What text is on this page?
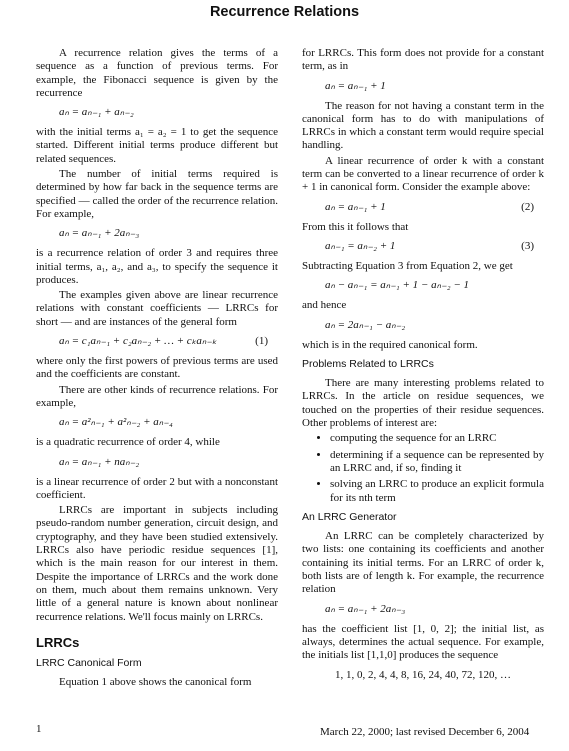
Recurrence Relations

A recurrence relation gives the terms of a sequence as a function of previous terms. For example, the Fibonacci sequence is given by the recurrence

aₙ = aₙ₋₁ + aₙ₋₂

with the initial terms a₁ = a₂ = 1 to get the sequence started. Different initial terms produce different but related sequences.

The number of initial terms required is determined by how far back in the sequence terms are specified — called the order of the recurrence relation. For example,

aₙ = aₙ₋₁ + 2aₙ₋₃

is a recurrence relation of order 3 and requires three initial terms, a₁, a₂, and a₃, to specify the sequence it produces.

The examples given above are linear recurrence relations with constant coefficients — LRRCs for short — and are instances of the general form

aₙ = c₁aₙ₋₁ + c₂aₙ₋₂ + … + cₖaₙ₋ₖ	(1)

where only the first powers of previous terms are used and the coefficients are constant.

There are other kinds of recurrence relations. For example,

aₙ = a²ₙ₋₁ + a²ₙ₋₂ + aₙ₋₄

is a quadratic recurrence of order 4, while

aₙ = aₙ₋₁ + naₙ₋₂

is a linear recurrence of order 2 but with a nonconstant coefficient.

LRRCs are important in subjects including pseudo-random number generation, circuit design, and cryptography, and they have been studied extensively. LRRCs also have periodic residue sequences [1], which is the main reason for our interest in them. Despite the importance of LRRCs and the work done on them, much about them remains unknown. Very little of a general nature is known about nonlinear recurrence relations. We'll focus mainly on LRRCs.

LRRCs
LRRC Canonical Form

Equation 1 above shows the canonical form

for LRRCs. This form does not provide for a constant term, as in

aₙ = aₙ₋₁ + 1

The reason for not having a constant term in the canonical form has to do with manipulations of LRRCs in which a constant term would require special handling.

A linear recurrence of order k with a constant term can be converted to a linear recurrence of order k + 1 in canonical form. Consider the example above:

aₙ = aₙ₋₁ + 1	(2)

From this it follows that

aₙ₋₁ = aₙ₋₂ + 1	(3)

Subtracting Equation 3 from Equation 2, we get

aₙ − aₙ₋₁ = aₙ₋₁ + 1 − aₙ₋₂ − 1

and hence

aₙ = 2aₙ₋₁ − aₙ₋₂

which is in the required canonical form.

Problems Related to LRRCs

There are many interesting problems related to LRRCs. In the article on residue sequences, we touched on the properties of their residue sequences. Other problems of interest are:

• computing the sequence for an LRRC
• determining if a sequence can be represented by an LRRC and, if so, finding it
• solving an LRRC to produce an explicit formula for its nth term
An LRRC Generator

An LRRC can be completely characterized by two lists: one containing its coefficients and another containing its initial terms. For an LRRC of order k, both lists are of length k. For example, the recurrence relation

aₙ = aₙ₋₁ + 2aₙ₋₃

has the coefficient list [1, 0, 2]; the initial list, as always, determines the actual sequence. For example, the initials list [1,1,0] produces the sequence

1, 1, 0, 2, 4, 4, 8, 16, 24, 40, 72, 120, …
1	March 22, 2000; last revised December 6, 2004
